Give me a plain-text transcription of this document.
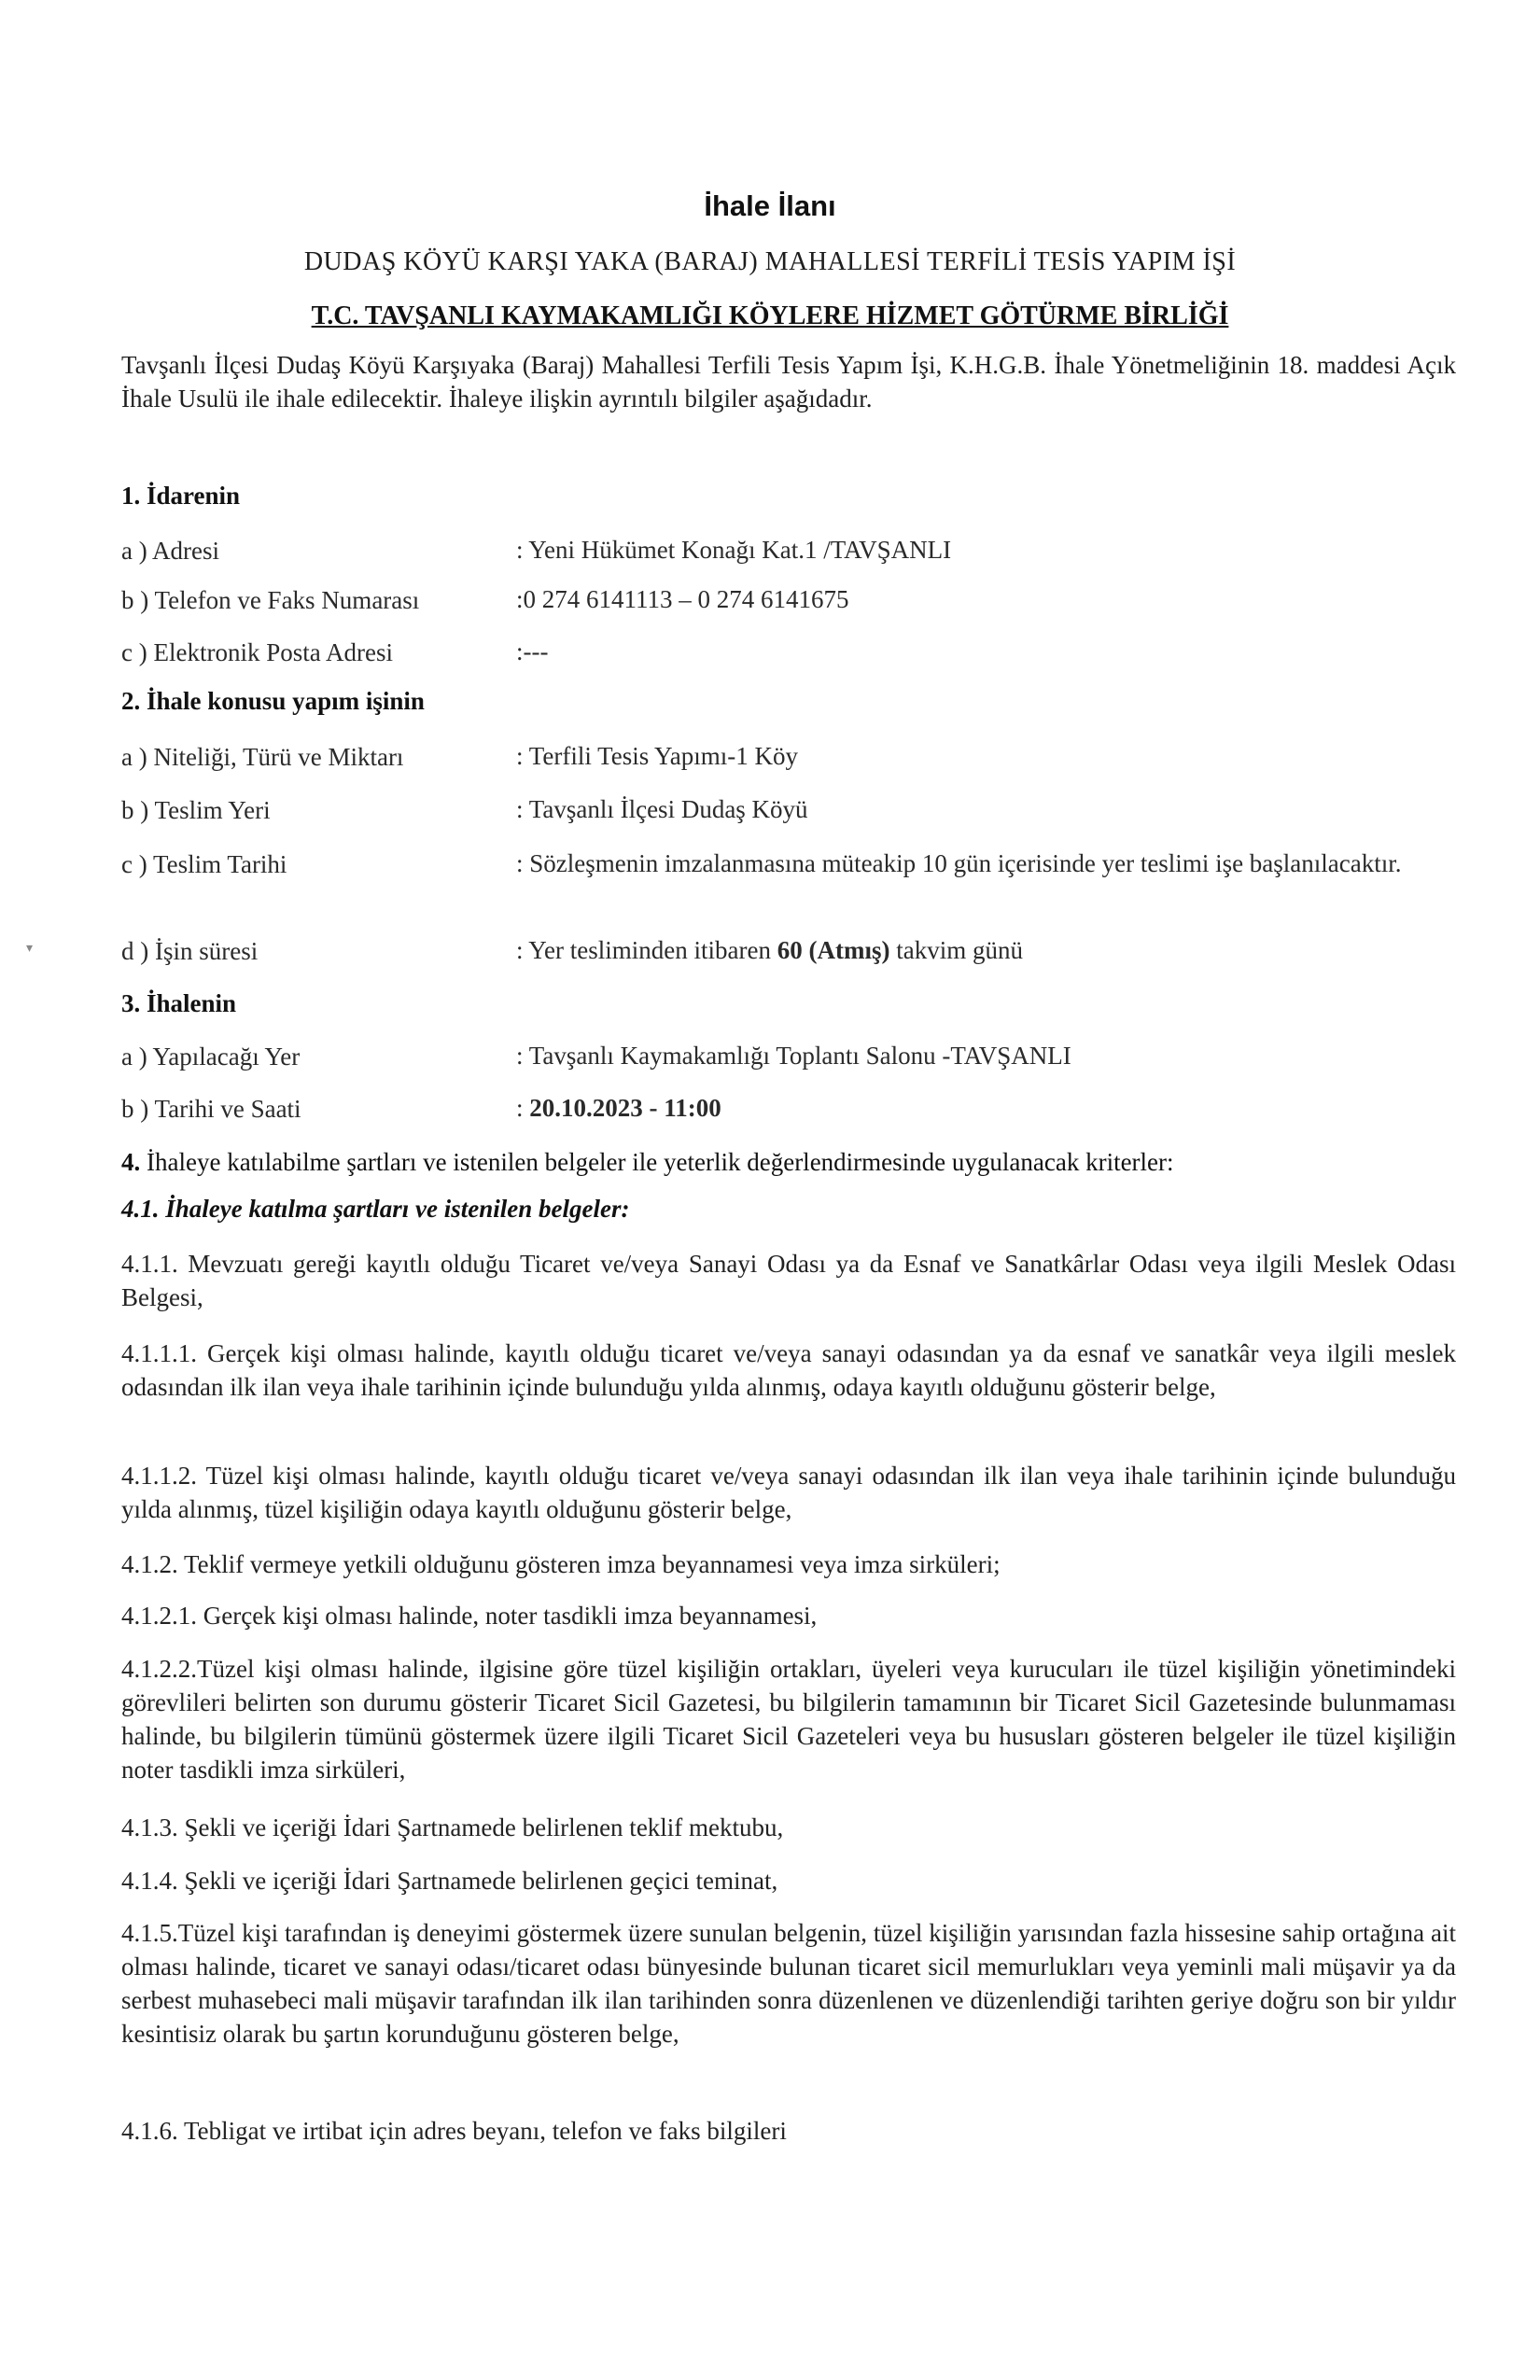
İhale İlanı
DUDAŞ KÖYÜ KARŞI YAKA (BARAJ) MAHALLESİ TERFİLİ TESİS YAPIM İŞİ
T.C. TAVŞANLI KAYMAKAMLIĞI KÖYLERE HİZMET GÖTÜRME BİRLİĞİ
Tavşanlı İlçesi Dudaş Köyü Karşıyaka (Baraj) Mahallesi Terfili Tesis Yapım İşi, K.H.G.B. İhale Yönetmeliğinin 18. maddesi Açık İhale Usulü ile ihale edilecektir. İhaleye ilişkin ayrıntılı bilgiler aşağıdadır.
1. İdarenin
a ) Adresi	: Yeni Hükümet Konağı Kat.1 /TAVŞANLI
b ) Telefon ve Faks Numarası	:0 274 6141113 – 0 274 6141675
c ) Elektronik Posta Adresi	:---
2. İhale konusu yapım işinin
a ) Niteliği, Türü ve Miktarı	: Terfili Tesis Yapımı-1 Köy
b ) Teslim Yeri	: Tavşanlı İlçesi Dudaş Köyü
c ) Teslim Tarihi	: Sözleşmenin imzalanmasına müteakip 10 gün içerisinde yer teslimi işe başlanılacaktır.
d ) İşin süresi	: Yer tesliminden itibaren 60 (Atmış) takvim günü
▾
3. İhalenin
a ) Yapılacağı Yer	: Tavşanlı Kaymakamlığı Toplantı Salonu -TAVŞANLI
b ) Tarihi ve Saati	: 20.10.2023 - 11:00
4. İhaleye katılabilme şartları ve istenilen belgeler ile yeterlik değerlendirmesinde uygulanacak kriterler:
4.1. İhaleye katılma şartları ve istenilen belgeler:
4.1.1. Mevzuatı gereği kayıtlı olduğu Ticaret ve/veya Sanayi Odası ya da Esnaf ve Sanatkârlar Odası veya ilgili Meslek Odası Belgesi,
4.1.1.1. Gerçek kişi olması halinde, kayıtlı olduğu ticaret ve/veya sanayi odasından ya da esnaf ve sanatkâr veya ilgili meslek odasından ilk ilan veya ihale tarihinin içinde bulunduğu yılda alınmış, odaya kayıtlı olduğunu gösterir belge,
4.1.1.2. Tüzel kişi olması halinde, kayıtlı olduğu ticaret ve/veya sanayi odasından ilk ilan veya ihale tarihinin içinde bulunduğu yılda alınmış, tüzel kişiliğin odaya kayıtlı olduğunu gösterir belge,
4.1.2. Teklif vermeye yetkili olduğunu gösteren imza beyannamesi veya imza sirküleri;
4.1.2.1. Gerçek kişi olması halinde, noter tasdikli imza beyannamesi,
4.1.2.2.Tüzel kişi olması halinde, ilgisine göre tüzel kişiliğin ortakları, üyeleri veya kurucuları ile tüzel kişiliğin yönetimindeki görevlileri belirten son durumu gösterir Ticaret Sicil Gazetesi, bu bilgilerin tamamının bir Ticaret Sicil Gazetesinde bulunmaması halinde, bu bilgilerin tümünü göstermek üzere ilgili Ticaret Sicil Gazeteleri veya bu hususları gösteren belgeler ile tüzel kişiliğin noter tasdikli imza sirküleri,
4.1.3. Şekli ve içeriği İdari Şartnamede belirlenen teklif mektubu,
4.1.4. Şekli ve içeriği İdari Şartnamede belirlenen geçici teminat,
4.1.5.Tüzel kişi tarafından iş deneyimi göstermek üzere sunulan belgenin, tüzel kişiliğin yarısından fazla hissesine sahip ortağına ait olması halinde, ticaret ve sanayi odası/ticaret odası bünyesinde bulunan ticaret sicil memurlukları veya yeminli mali müşavir ya da serbest muhasebeci mali müşavir tarafından ilk ilan tarihinden sonra düzenlenen ve düzenlendiği tarihten geriye doğru son bir yıldır kesintisiz olarak bu şartın korunduğunu gösteren belge,
4.1.6. Tebligat ve irtibat için adres beyanı, telefon ve faks bilgileri
